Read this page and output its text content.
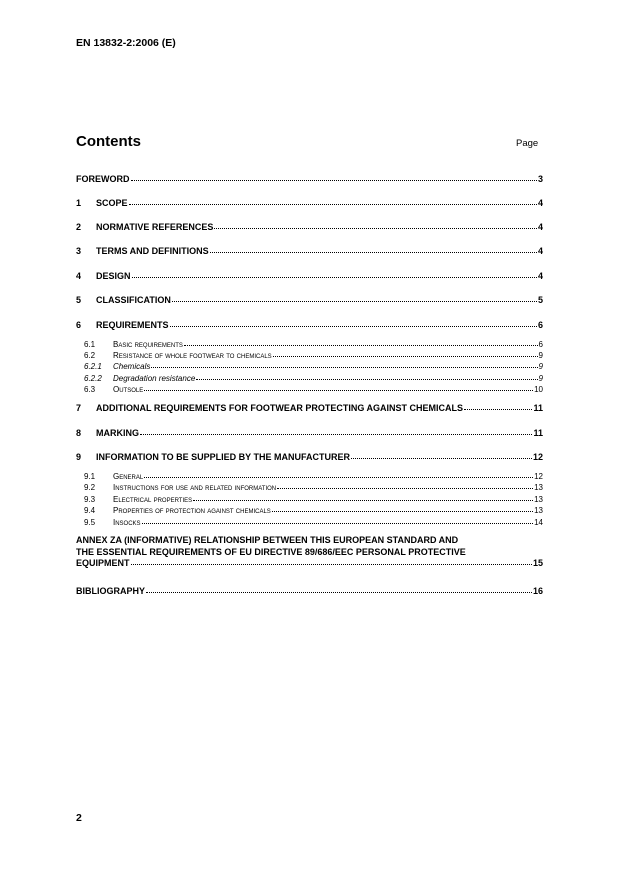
EN 13832-2:2006 (E)
Contents	Page
FOREWORD	3
1	SCOPE	4
2	NORMATIVE REFERENCES	4
3	TERMS AND DEFINITIONS	4
4	DESIGN	4
5	CLASSIFICATION	5
6	REQUIREMENTS	6
6.1	Basic requirements	6
6.2	Resistance of whole footwear to chemicals	9
6.2.1	Chemicals	9
6.2.2	Degradation resistance	9
6.3	Outsole	10
7	ADDITIONAL REQUIREMENTS FOR FOOTWEAR PROTECTING AGAINST CHEMICALS	11
8	MARKING	11
9	INFORMATION TO BE SUPPLIED BY THE MANUFACTURER	12
9.1	General	12
9.2	Instructions for use and related information	13
9.3	Electrical properties	13
9.4	Properties of protection against chemicals	13
9.5	Insocks	14
ANNEX ZA (INFORMATIVE) RELATIONSHIP BETWEEN THIS EUROPEAN STANDARD AND
THE ESSENTIAL REQUIREMENTS OF EU DIRECTIVE 89/686/EEC PERSONAL PROTECTIVE
EQUIPMENT	15
BIBLIOGRAPHY	16
2
